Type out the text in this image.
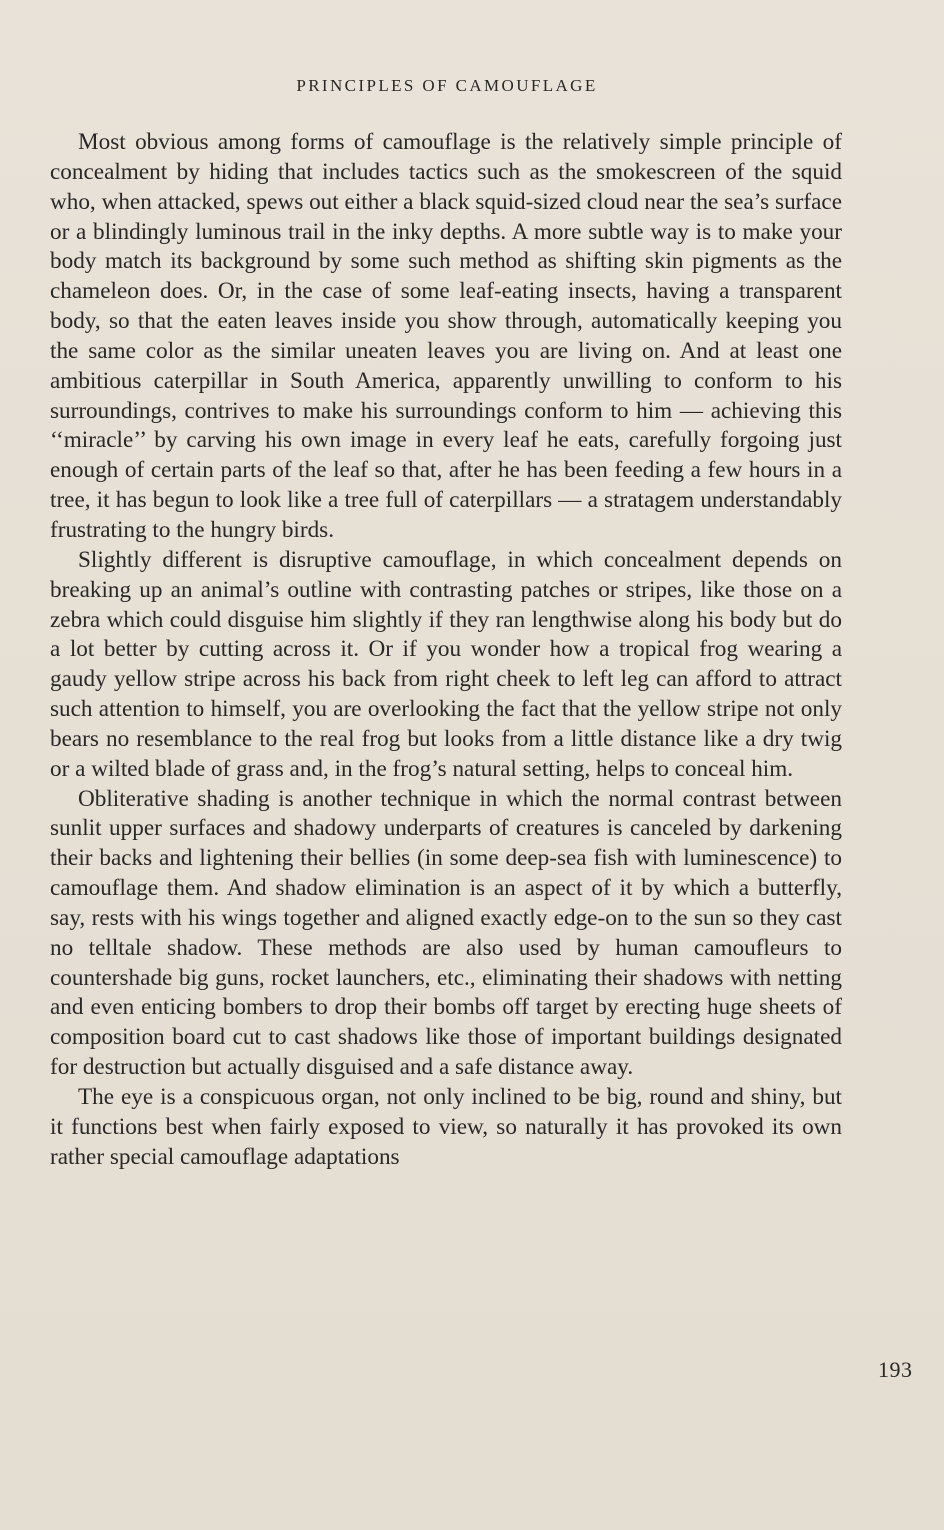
PRINCIPLES OF CAMOUFLAGE

Most obvious among forms of camouflage is the relatively simple principle of concealment by hiding that includes tactics such as the smokescreen of the squid who, when attacked, spews out either a black squid-sized cloud near the sea’s surface or a blindingly luminous trail in the inky depths. A more subtle way is to make your body match its background by some such method as shifting skin pigments as the chameleon does. Or, in the case of some leaf-eating insects, having a transparent body, so that the eaten leaves inside you show through, automatically keeping you the same color as the similar uneaten leaves you are living on. And at least one ambitious caterpillar in South America, apparently unwilling to conform to his surroundings, contrives to make his surroundings conform to him — achieving this ‘‘miracle’’ by carving his own image in every leaf he eats, carefully forgoing just enough of certain parts of the leaf so that, after he has been feeding a few hours in a tree, it has begun to look like a tree full of caterpillars — a stratagem understandably frustrating to the hungry birds.

Slightly different is disruptive camouflage, in which concealment depends on breaking up an animal’s outline with contrasting patches or stripes, like those on a zebra which could disguise him slightly if they ran lengthwise along his body but do a lot better by cutting across it. Or if you wonder how a tropical frog wearing a gaudy yellow stripe across his back from right cheek to left leg can afford to attract such attention to himself, you are overlooking the fact that the yellow stripe not only bears no resemblance to the real frog but looks from a little distance like a dry twig or a wilted blade of grass and, in the frog’s natural setting, helps to conceal him.

Obliterative shading is another technique in which the normal contrast between sunlit upper surfaces and shadowy underparts of creatures is canceled by darkening their backs and lightening their bellies (in some deep-sea fish with luminescence) to camouflage them. And shadow elimination is an aspect of it by which a butterfly, say, rests with his wings together and aligned exactly edge-on to the sun so they cast no telltale shadow. These methods are also used by human camoufleurs to countershade big guns, rocket launchers, etc., eliminating their shadows with netting and even enticing bombers to drop their bombs off target by erecting huge sheets of composition board cut to cast shadows like those of important buildings designated for destruction but actually disguised and a safe distance away.

The eye is a conspicuous organ, not only inclined to be big, round and shiny, but it functions best when fairly exposed to view, so naturally it has provoked its own rather special camouflage adaptations

193
